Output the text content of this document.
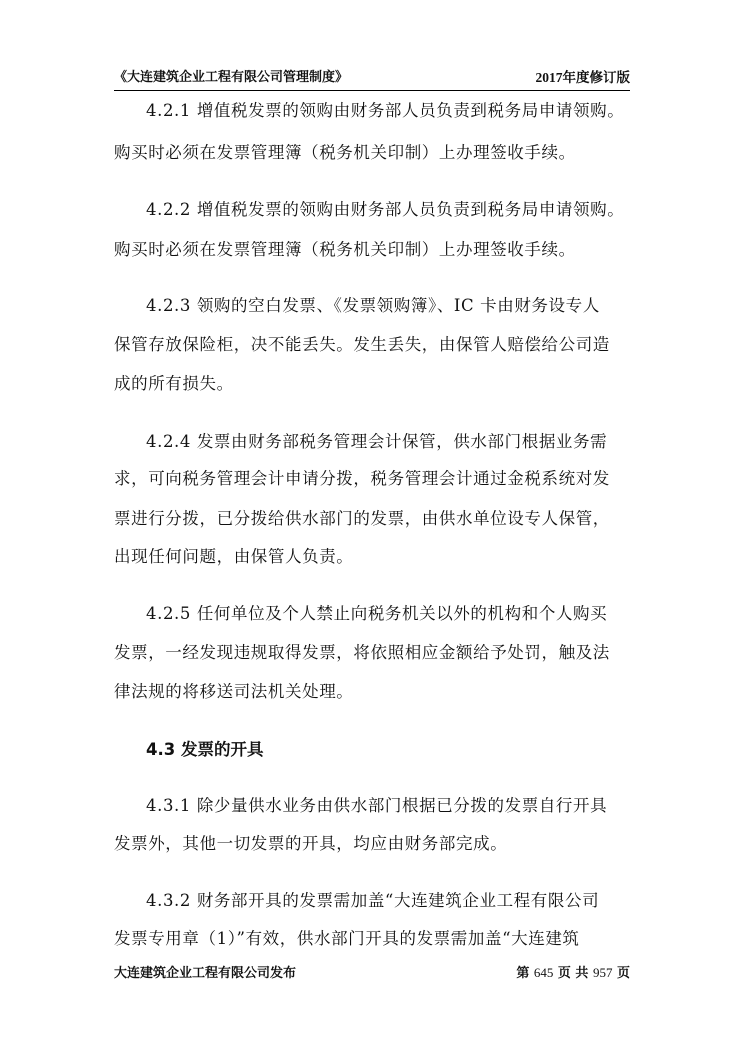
《大连建筑企业工程有限公司管理制度》	2017年度修订版
4.2.1 增值税发票的领购由财务部人员负责到税务局申请领购。
购买时必须在发票管理簿（税务机关印制）上办理签收手续。
4.2.2 增值税发票的领购由财务部人员负责到税务局申请领购。
购买时必须在发票管理簿（税务机关印制）上办理签收手续。
4.2.3 领购的空白发票、《发票领购簿》、IC 卡由财务设专人
保管存放保险柜，决不能丢失。发生丢失，由保管人赔偿给公司造
成的所有损失。
4.2.4 发票由财务部税务管理会计保管，供水部门根据业务需
求，可向税务管理会计申请分拨，税务管理会计通过金税系统对发
票进行分拨，已分拨给供水部门的发票，由供水单位设专人保管，
出现任何问题，由保管人负责。
4.2.5 任何单位及个人禁止向税务机关以外的机构和个人购买
发票，一经发现违规取得发票，将依照相应金额给予处罚，触及法
律法规的将移送司法机关处理。
4.3 发票的开具
4.3.1 除少量供水业务由供水部门根据已分拨的发票自行开具
发票外，其他一切发票的开具，均应由财务部完成。
4.3.2 财务部开具的发票需加盖“大连建筑企业工程有限公司
发票专用章（1）”有效，供水部门开具的发票需加盖“大连建筑
大连建筑企业工程有限公司发布	第 645 页 共 957 页
